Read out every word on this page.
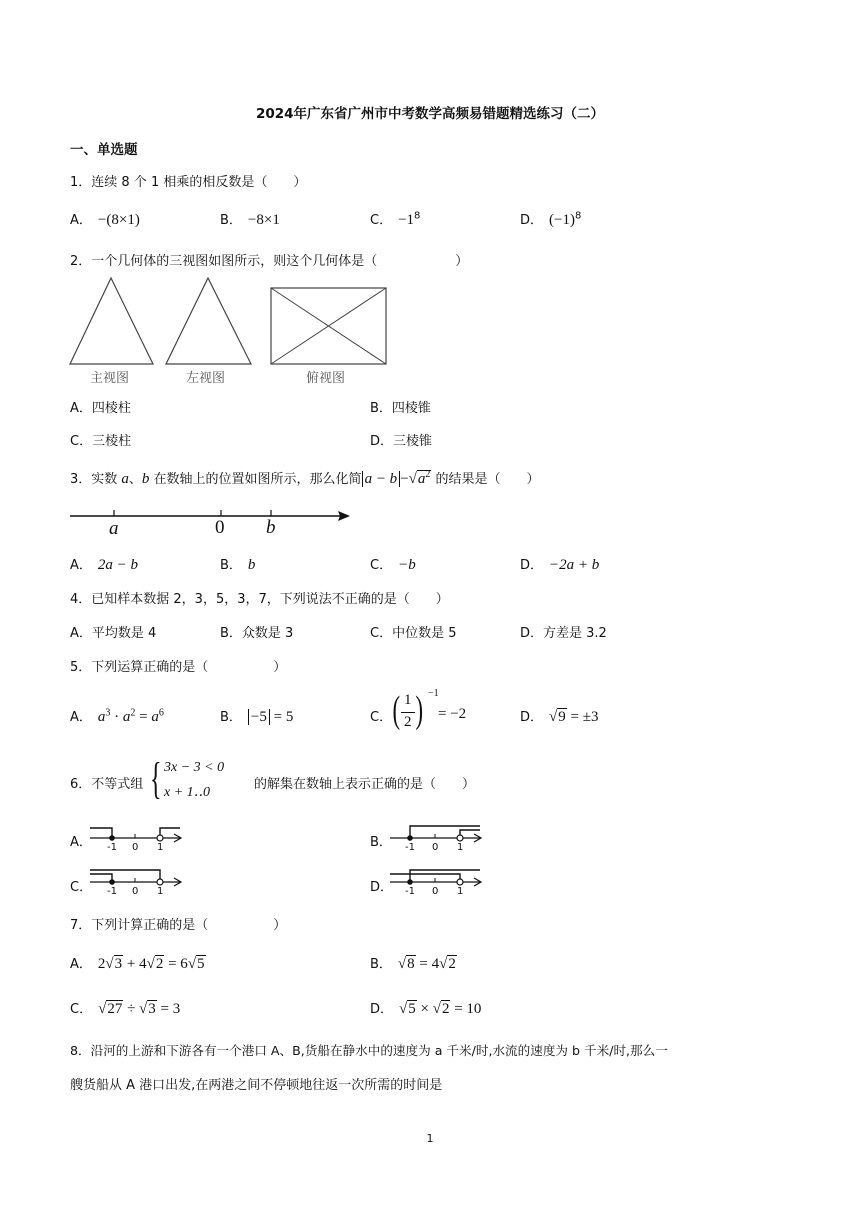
2024年广东省广州市中考数学高频易错题精选练习（二）
一、单选题
1．连续 8 个 1 相乘的相反数是（　　）
A． −(8×1)	B． −8×1	C． $-1^8$	D． $(-1)^8$
2．一个几何体的三视图如图所示，则这个几何体是（　　　　　　）
主视图	左视图	俯视图
A．四棱柱	B．四棱锥
C．三棱柱	D．三棱锥
3．实数 a、b 在数轴上的位置如图所示，那么化简 $a - b -√a^2$ 的结果是（　　）
a	0 b
A． 2a − b	B． b	C． −b	D． −2a + b
4．已知样本数据 2，3，5，3，7，下列说法不正确的是（　　）
A．平均数是 4	B．众数是 3	C．中位数是 5	D．方差是 3.2
5．下列运算正确的是（　　　　　）
A． $a^3 \cdot a^2 = a^6$	B． −5 = 5	C． ( 1
2 ) −1
= −2	D． √9 = ±3
6．不等式组 { 3x − 3 < 0
x + 1‥0
的解集在数轴上表示正确的是（　　）
A． -1 0 1	B． -1 0 1
C． -1 0 1	D． -1 0 1
7．下列计算正确的是（　　　　　）
A． 2√3 + 4√2 = 6√5	B． √8 = 4√2
C． √27 ÷ √3 = 3	D． √5 × √2 = 10
8．沿河的上游和下游各有一个港口 A、B,货船在静水中的速度为 a 千米/时,水流的速度为 b 千米/时,那么一
艘货船从 A 港口出发,在两港之间不停顿地往返一次所需的时间是
1
